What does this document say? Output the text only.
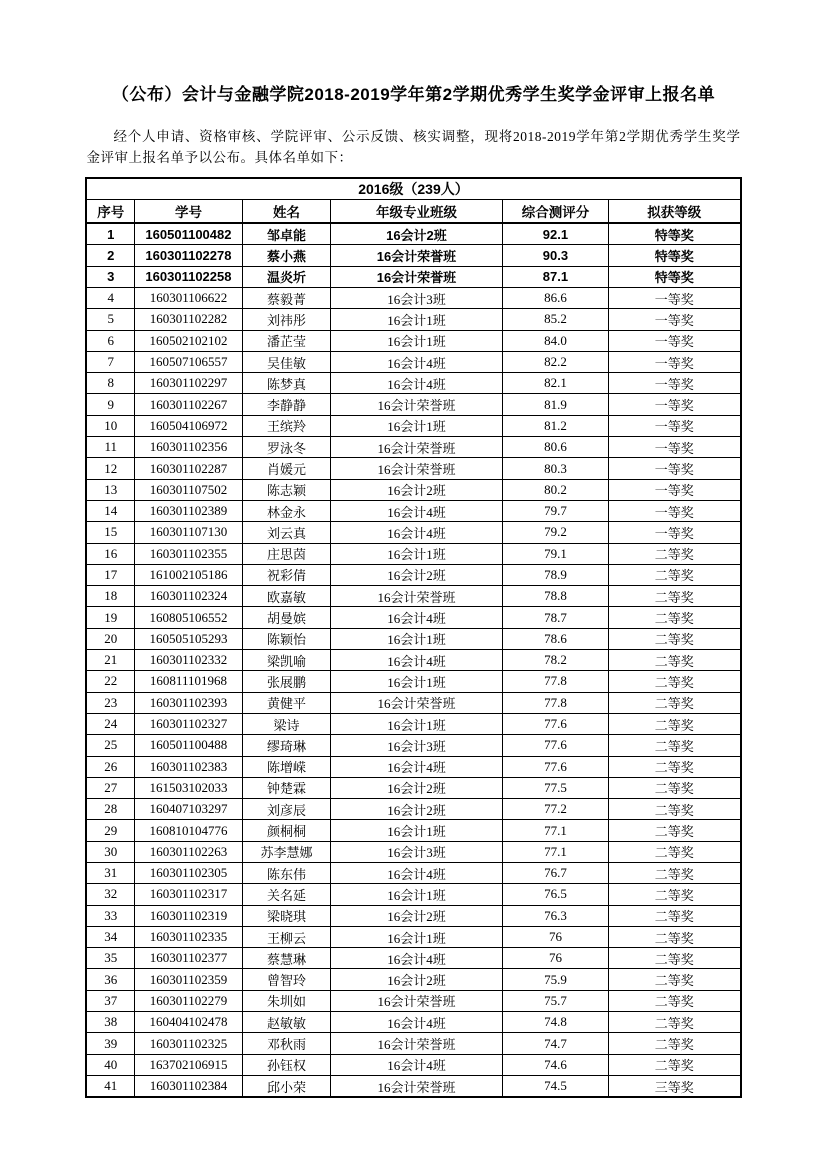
（公布）会计与金融学院2018-2019学年第2学期优秀学生奖学金评审上报名单

经个人申请、资格审核、学院评审、公示反馈、核实调整，现将2018-2019学年第2学期优秀学生奖学金评审上报名单予以公布。具体名单如下：

2016级（239人）					
序号	学号	姓名	年级专业班级	综合测评分	拟获等级
1	160501100482	邹卓能	16会计2班	92.1	特等奖
2	160301102278	蔡小燕	16会计荣誉班	90.3	特等奖
3	160301102258	温炎圻	16会计荣誉班	87.1	特等奖
4	160301106622	蔡毅菁	16会计3班	86.6	一等奖
5	160301102282	刘祎彤	16会计1班	85.2	一等奖
6	160502102102	潘芷莹	16会计1班	84.0	一等奖
7	160507106557	吴佳敏	16会计4班	82.2	一等奖
8	160301102297	陈梦真	16会计4班	82.1	一等奖
9	160301102267	李静静	16会计荣誉班	81.9	一等奖
10	160504106972	王缤羚	16会计1班	81.2	一等奖
11	160301102356	罗泳冬	16会计荣誉班	80.6	一等奖
12	160301102287	肖媛元	16会计荣誉班	80.3	一等奖
13	160301107502	陈志颖	16会计2班	80.2	一等奖
14	160301102389	林金永	16会计4班	79.7	一等奖
15	160301107130	刘云真	16会计4班	79.2	一等奖
16	160301102355	庄思茵	16会计1班	79.1	二等奖
17	161002105186	祝彩倩	16会计2班	78.9	二等奖
18	160301102324	欧嘉敏	16会计荣誉班	78.8	二等奖
19	160805106552	胡曼嫔	16会计4班	78.7	二等奖
20	160505105293	陈颖怡	16会计1班	78.6	二等奖
21	160301102332	梁凯喻	16会计4班	78.2	二等奖
22	160811101968	张展鹏	16会计1班	77.8	二等奖
23	160301102393	黄健平	16会计荣誉班	77.8	二等奖
24	160301102327	梁诗	16会计1班	77.6	二等奖
25	160501100488	缪琦琳	16会计3班	77.6	二等奖
26	160301102383	陈增嵘	16会计4班	77.6	二等奖
27	161503102033	钟楚霖	16会计2班	77.5	二等奖
28	160407103297	刘彦辰	16会计2班	77.2	二等奖
29	160810104776	颜桐桐	16会计1班	77.1	二等奖
30	160301102263	苏李慧娜	16会计3班	77.1	二等奖
31	160301102305	陈东伟	16会计4班	76.7	二等奖
32	160301102317	关名延	16会计1班	76.5	二等奖
33	160301102319	梁晓琪	16会计2班	76.3	二等奖
34	160301102335	王柳云	16会计1班	76	二等奖
35	160301102377	蔡慧琳	16会计4班	76	二等奖
36	160301102359	曾智玲	16会计2班	75.9	二等奖
37	160301102279	朱圳如	16会计荣誉班	75.7	二等奖
38	160404102478	赵敏敏	16会计4班	74.8	二等奖
39	160301102325	邓秋雨	16会计荣誉班	74.7	二等奖
40	163702106915	孙钰权	16会计4班	74.6	二等奖
41	160301102384	邱小荣	16会计荣誉班	74.5	三等奖
